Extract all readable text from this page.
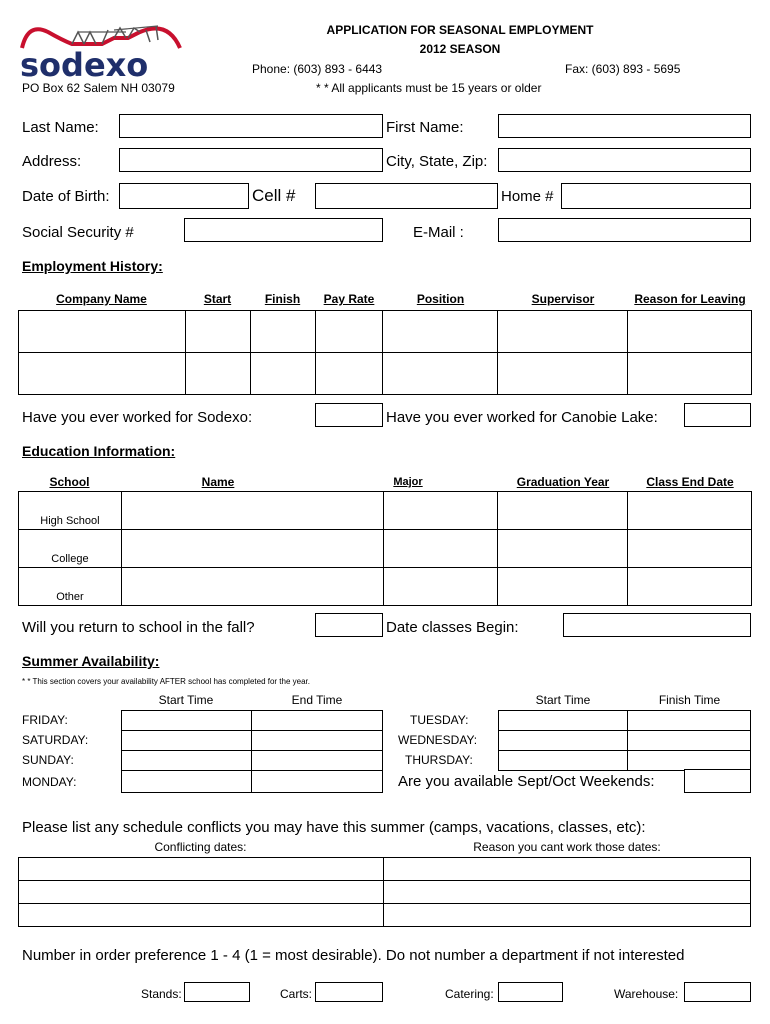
sodexo
PO Box 62 Salem NH 03079
APPLICATION FOR SEASONAL EMPLOYMENT
2012 SEASON
Phone: (603) 893 - 6443	Fax: (603) 893 - 5695
* * All applicants must be 15 years or older
Last Name:	First Name:
Address:	City, State, Zip:
Date of Birth:	Cell #	Home #
Social Security #	E-Mail :
Employment History:
Company Name	Start	Finish	Pay Rate	Position	Supervisor	Reason for Leaving

Have you ever worked for Sodexo:	Have you ever worked for Canobie Lake:
Education Information:
School	Name	Major	Graduation Year	Class End Date
High School				
College				
Other				
Will you return to school in the fall?	Date classes Begin:
Summer Availability:
* * This section covers your availability AFTER school has completed for the year.
Start Time	End Time	Start Time	Finish Time
FRIDAY:
SATURDAY:
SUNDAY:
MONDAY:

TUESDAY:
WEDNESDAY:
THURSDAY:

Are you available Sept/Oct Weekends:
Please list any schedule conflicts you may have this summer (camps, vacations, classes, etc):
Conflicting dates:	Reason you cant work those dates:

Number in order preference 1 - 4 (1 = most desirable). Do not number a department if not interested
Stands:	Carts:	Catering:	Warehouse:
